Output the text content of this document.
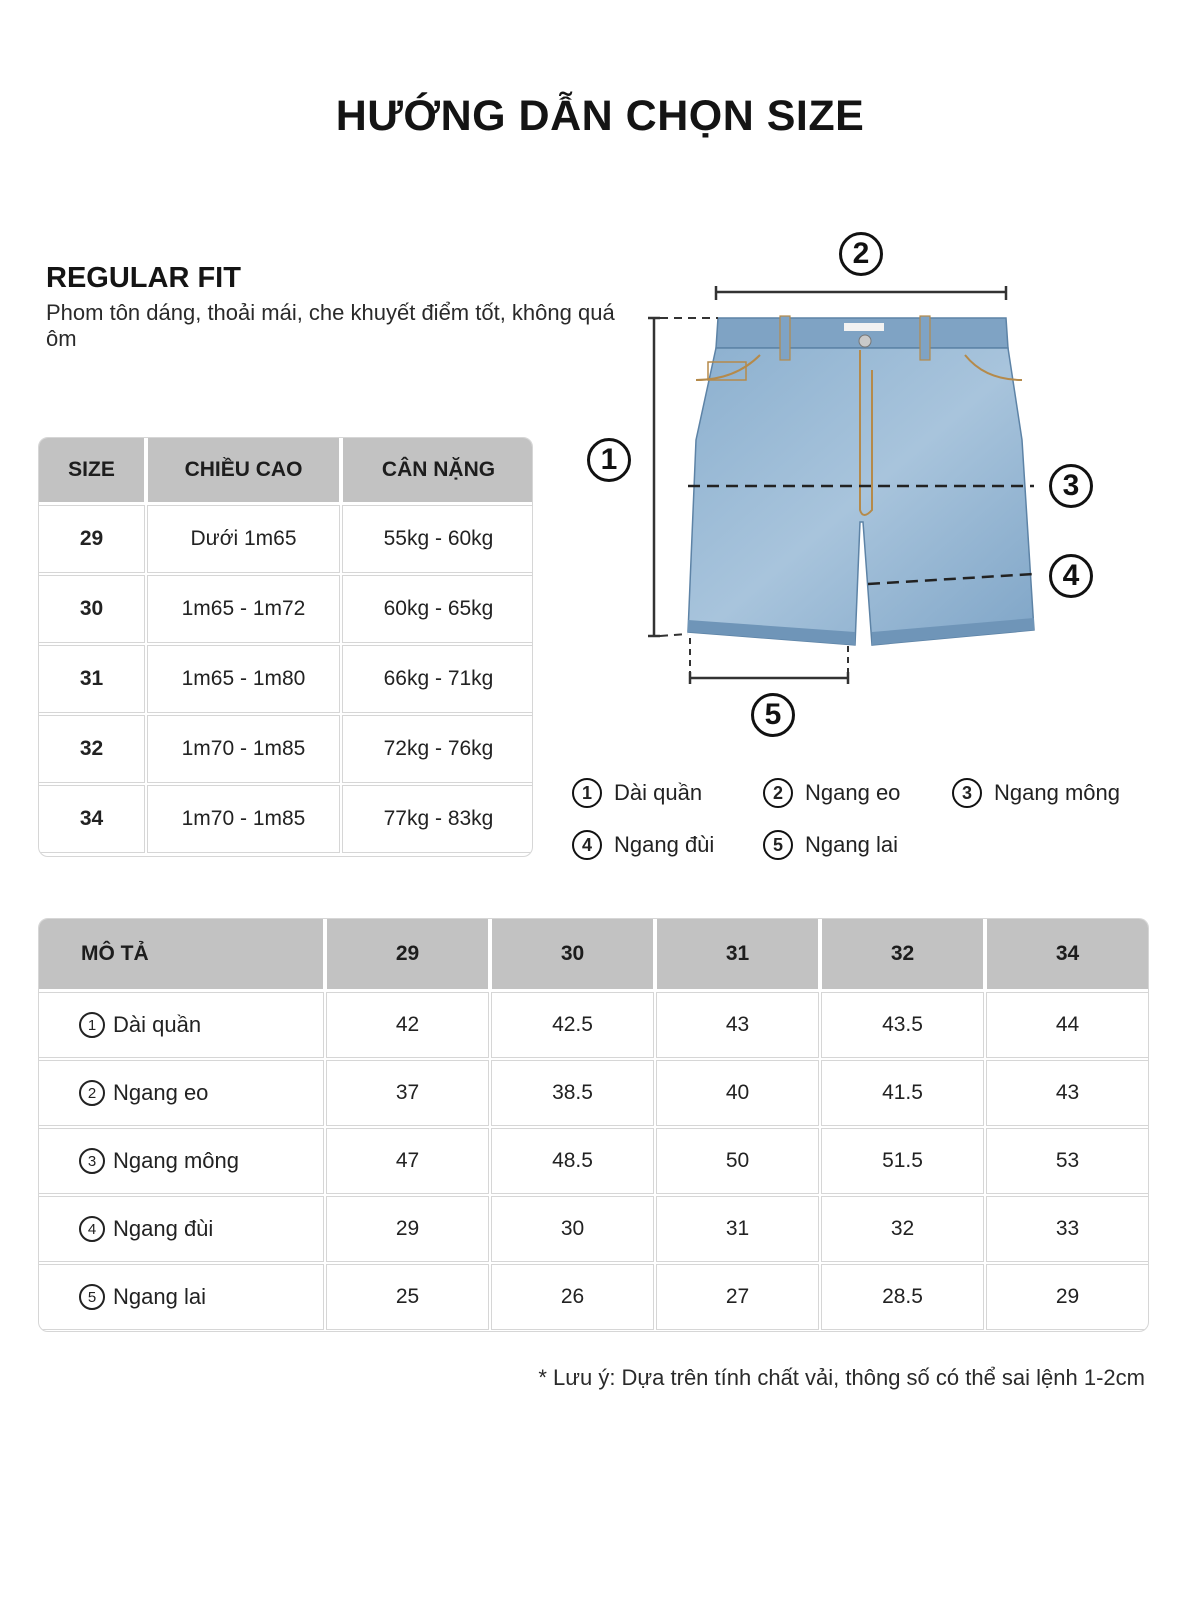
HƯỚNG DẪN CHỌN SIZE
REGULAR FIT
Phom tôn dáng, thoải mái, che khuyết điểm tốt, không quá ôm
SIZE	CHIỀU CAO	CÂN NẶNG
29	Dưới 1m65	55kg - 60kg
30	1m65 - 1m72	60kg - 65kg
31	1m65 - 1m80	66kg - 71kg
32	1m70 - 1m85	72kg - 76kg
34	1m70 - 1m85	77kg - 83kg
2
1
3
4
5
1	Dài quần	2	Ngang eo	3	Ngang mông
4	Ngang đùi	5	Ngang lai
MÔ TẢ	29	30	31	32	34
1 Dài quần	42	42.5	43	43.5	44
2 Ngang eo	37	38.5	40	41.5	43
3 Ngang mông	47	48.5	50	51.5	53
4 Ngang đùi	29	30	31	32	33
5 Ngang lai	25	26	27	28.5	29
* Lưu ý: Dựa trên tính chất vải, thông số có thể sai lệnh 1-2cm
